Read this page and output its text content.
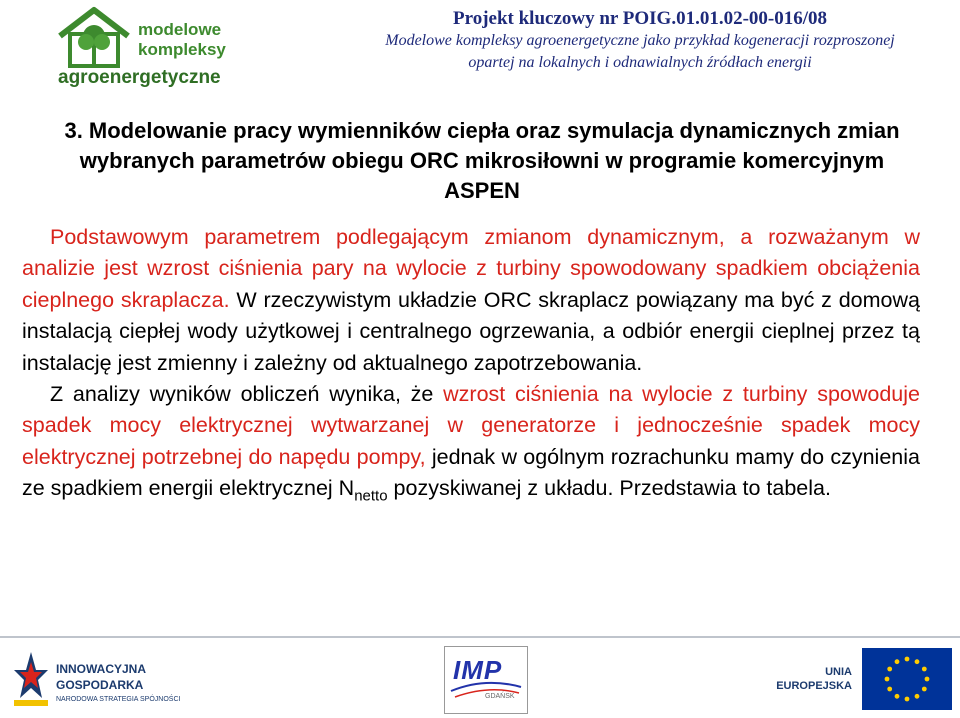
modelowe
kompleksy
agroenergetyczne
Projekt kluczowy nr POIG.01.01.02-00-016/08
Modelowe kompleksy agroenergetyczne jako przykład kogeneracji rozproszonej
opartej na lokalnych i odnawialnych źródłach energii
3. Modelowanie pracy wymienników ciepła oraz symulacja dynamicznych zmian
wybranych parametrów obiegu ORC mikrosiłowni w programie komercyjnym
ASPEN
Podstawowym parametrem podlegającym zmianom dynamicznym, a rozważanym w analizie jest wzrost ciśnienia pary na wylocie z turbiny spowodowany spadkiem obciążenia cieplnego skraplacza. W rzeczywistym układzie ORC skraplacz powiązany ma być z domową instalacją ciepłej wody użytkowej i centralnego ogrzewania, a odbiór energii cieplnej przez tą instalację jest zmienny i zależny od aktualnego zapotrzebowania.
Z analizy wyników obliczeń wynika, że wzrost ciśnienia na wylocie z turbiny spowoduje spadek mocy elektrycznej wytwarzanej w generatorze i jednocześnie spadek mocy elektrycznej potrzebnej do napędu pompy, jednak w ogólnym rozrachunku mamy do czynienia ze spadkiem energii elektrycznej $N_{netto}$ pozyskiwanej z układu. Przedstawia to tabela.
INNOWACYJNA
GOSPODARKA
NARODOWA STRATEGIA SPÓJNOŚCI
IMP
GDAŃSK
UNIA
EUROPEJSKA
